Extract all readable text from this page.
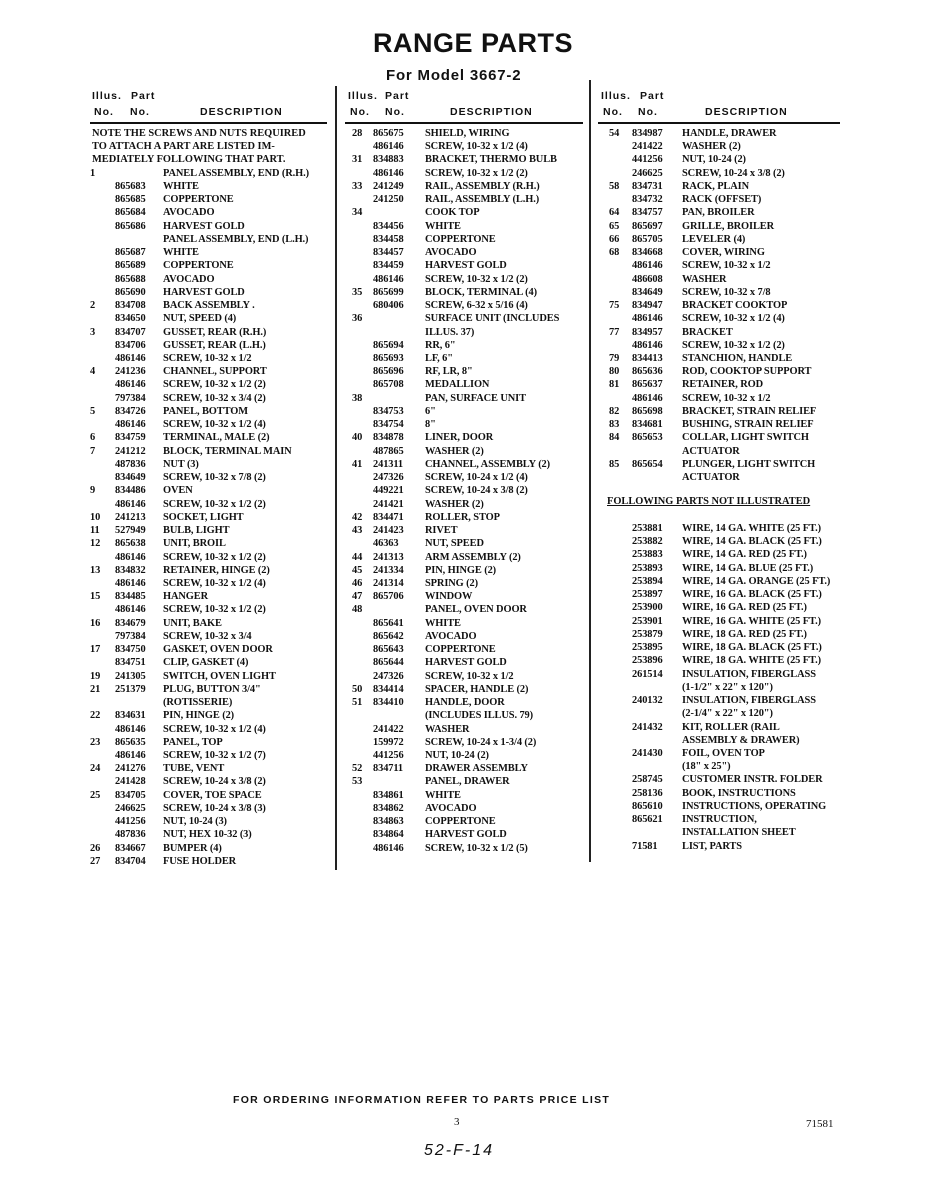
RANGE PARTS
For Model 3667-2
Illus. Part
No. No.	DESCRIPTION
Illus. Part
No. No.	DESCRIPTION
Illus. Part
No. No.	DESCRIPTION
NOTE THE SCREWS AND NUTS REQUIRED
TO ATTACH A PART ARE LISTED IM-
MEDIATELY FOLLOWING THAT PART.
1	PANEL ASSEMBLY, END (R.H.)
865683 WHITE
865685 COPPERTONE
865684 AVOCADO
865686 HARVEST GOLD
PANEL ASSEMBLY, END (L.H.)
865687 WHITE
865689 COPPERTONE
865688 AVOCADO
865690 HARVEST GOLD
2 834708 BACK ASSEMBLY .
834650 NUT, SPEED (4)
3 834707 GUSSET, REAR (R.H.)
834706 GUSSET, REAR (L.H.)
486146 SCREW, 10-32 x 1/2
4 241236 CHANNEL, SUPPORT
486146 SCREW, 10-32 x 1/2 (2)
797384 SCREW, 10-32 x 3/4 (2)
5 834726 PANEL, BOTTOM
486146 SCREW, 10-32 x 1/2 (4)
6 834759 TERMINAL, MALE (2)
7 241212 BLOCK, TERMINAL MAIN
487836 NUT (3)
834649 SCREW, 10-32 x 7/8 (2)
9 834486 OVEN
486146 SCREW, 10-32 x 1/2 (2)
10 241213 SOCKET, LIGHT
11 527949 BULB, LIGHT
12 865638 UNIT, BROIL
486146 SCREW, 10-32 x 1/2 (2)
13 834832 RETAINER, HINGE (2)
486146 SCREW, 10-32 x 1/2 (4)
15 834485 HANGER
486146 SCREW, 10-32 x 1/2 (2)
16 834679 UNIT, BAKE
797384 SCREW, 10-32 x 3/4
17 834750 GASKET, OVEN DOOR
834751 CLIP, GASKET (4)
19 241305 SWITCH, OVEN LIGHT
21 251379 PLUG, BUTTON 3/4"
(ROTISSERIE)
22 834631 PIN, HINGE (2)
486146 SCREW, 10-32 x 1/2 (4)
23 865635 PANEL, TOP
486146 SCREW, 10-32 x 1/2 (7)
24 241276 TUBE, VENT
241428 SCREW, 10-24 x 3/8 (2)
25 834705 COVER, TOE SPACE
246625 SCREW, 10-24 x 3/8 (3)
441256 NUT, 10-24 (3)
487836 NUT, HEX 10-32 (3)
26 834667 BUMPER (4)
27 834704 FUSE HOLDER
28 865675 SHIELD, WIRING
486146 SCREW, 10-32 x 1/2 (4)
31 834883 BRACKET, THERMO BULB
486146 SCREW, 10-32 x 1/2 (2)
33 241249 RAIL, ASSEMBLY (R.H.)
241250 RAIL, ASSEMBLY (L.H.)
34	COOK TOP
834456 WHITE
834458 COPPERTONE
834457 AVOCADO
834459 HARVEST GOLD
486146 SCREW, 10-32 x 1/2 (2)
35 865699 BLOCK, TERMINAL (4)
680406 SCREW, 6-32 x 5/16 (4)
36	SURFACE UNIT (INCLUDES
ILLUS. 37)
865694 RR, 6"
865693 LF, 6"
865696 RF, LR, 8"
865708 MEDALLION
38	PAN, SURFACE UNIT
834753 6"
834754 8"
40 834878 LINER, DOOR
487865 WASHER (2)
41 241311 CHANNEL, ASSEMBLY (2)
247326 SCREW, 10-24 x 1/2 (4)
449221 SCREW, 10-24 x 3/8 (2)
241421 WASHER (2)
42 834471 ROLLER, STOP
43 241423 RIVET
46363	NUT, SPEED
44 241313 ARM ASSEMBLY (2)
45 241334 PIN, HINGE (2)
46 241314 SPRING (2)
47 865706 WINDOW
48	PANEL, OVEN DOOR
865641 WHITE
865642 AVOCADO
865643 COPPERTONE
865644 HARVEST GOLD
247326 SCREW, 10-32 x 1/2
50 834414 SPACER, HANDLE (2)
51 834410 HANDLE, DOOR
(INCLUDES ILLUS. 79)
241422 WASHER
159972 SCREW, 10-24 x 1-3/4 (2)
441256 NUT, 10-24 (2)
52 834711 DRAWER ASSEMBLY
53	PANEL, DRAWER
834861 WHITE
834862 AVOCADO
834863 COPPERTONE
834864 HARVEST GOLD
486146 SCREW, 10-32 x 1/2 (5)
54 834987 HANDLE, DRAWER
241422 WASHER (2)
441256 NUT, 10-24 (2)
246625 SCREW, 10-24 x 3/8 (2)
58 834731 RACK, PLAIN
834732 RACK (OFFSET)
64 834757 PAN, BROILER
65 865697 GRILLE, BROILER
66 865705 LEVELER (4)
68 834668 COVER, WIRING
486146 SCREW, 10-32 x 1/2
486608 WASHER
834649 SCREW, 10-32 x 7/8
75 834947 BRACKET COOKTOP
486146 SCREW, 10-32 x 1/2 (4)
77 834957 BRACKET
486146 SCREW, 10-32 x 1/2 (2)
79 834413 STANCHION, HANDLE
80 865636 ROD, COOKTOP SUPPORT
81 865637 RETAINER, ROD
486146 SCREW, 10-32 x 1/2
82 865698 BRACKET, STRAIN RELIEF
83 834681 BUSHING, STRAIN RELIEF
84 865653 COLLAR, LIGHT SWITCH
ACTUATOR
85 865654 PLUNGER, LIGHT SWITCH
ACTUATOR
FOLLOWING PARTS NOT ILLUSTRATED
253881 WIRE, 14 GA. WHITE (25 FT.)
253882 WIRE, 14 GA. BLACK (25 FT.)
253883 WIRE, 14 GA. RED (25 FT.)
253893 WIRE, 14 GA. BLUE (25 FT.)
253894 WIRE, 14 GA. ORANGE (25 FT.)
253897 WIRE, 16 GA. BLACK (25 FT.)
253900 WIRE, 16 GA. RED (25 FT.)
253901 WIRE, 16 GA. WHITE (25 FT.)
253879 WIRE, 18 GA. RED (25 FT.)
253895 WIRE, 18 GA. BLACK (25 FT.)
253896 WIRE, 18 GA. WHITE (25 FT.)
261514 INSULATION, FIBERGLASS
(1-1/2" x 22" x 120")
240132 INSULATION, FIBERGLASS
(2-1/4" x 22" x 120")
241432 KIT, ROLLER (RAIL
ASSEMBLY & DRAWER)
241430 FOIL, OVEN TOP
(18" x 25")
258745 CUSTOMER INSTR. FOLDER
258136 BOOK, INSTRUCTIONS
865610 INSTRUCTIONS, OPERATING
865621 INSTRUCTION,
INSTALLATION SHEET
71581 LIST, PARTS
FOR ORDERING INFORMATION REFER TO PARTS PRICE LIST
3	71581
52-F-14
